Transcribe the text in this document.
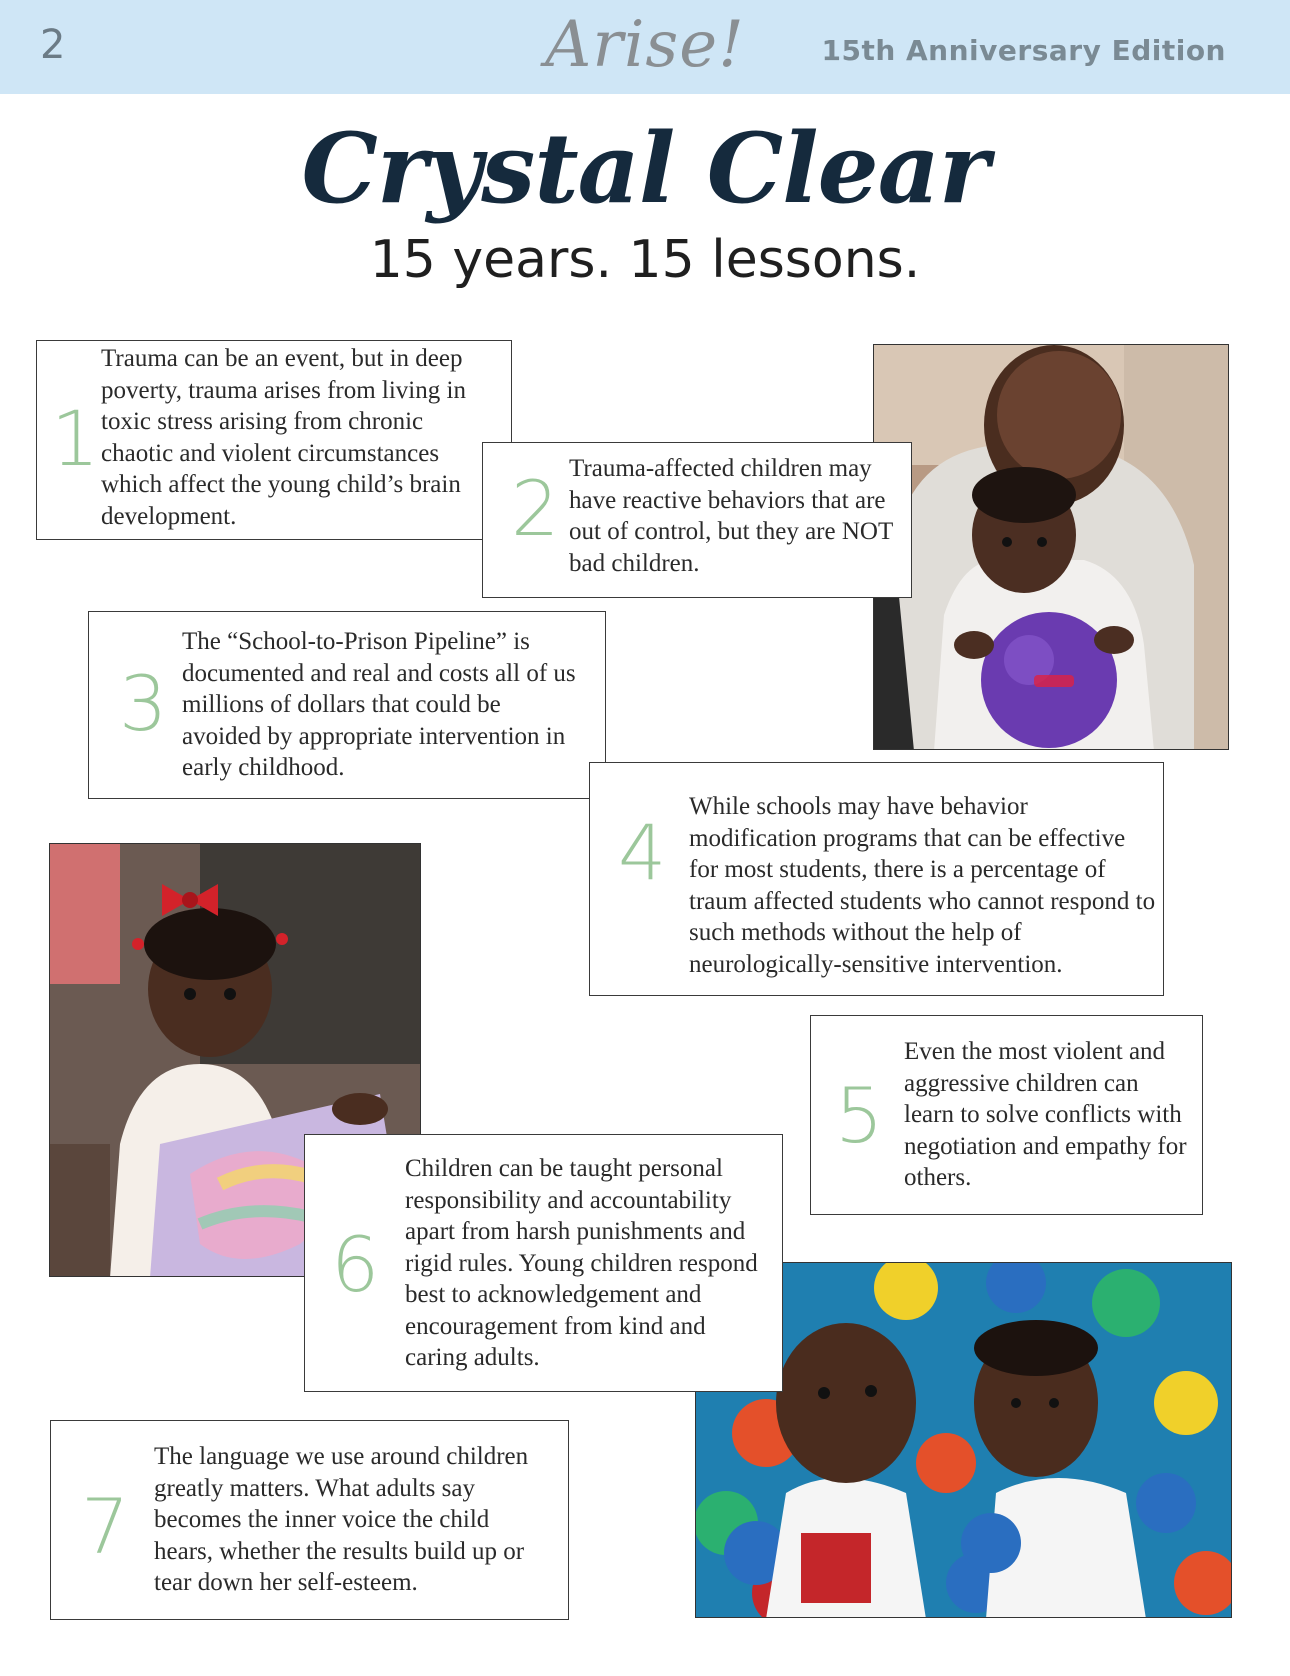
2	Arise!	15th Anniversary Edition
Crystal Clear
15 years. 15 lessons.
1
Trauma can be an event, but in deep poverty, trauma arises from living in toxic stress arising from chronic chaotic and violent circumstances which affect the young child’s brain development.	2 Trauma-affected children may have reactive behaviors that are out of control, but they are NOT bad children.
3
The “School-to-Prison Pipeline” is documented and real and costs all of us millions of dollars that could be avoided by appropriate intervention in early childhood.
4
While schools may have behavior modification programs that can be effective for most students, there is a percentage of traum affected students who cannot respond to such methods without the help of neurologically-sensitive intervention.
5
Even the most violent and aggressive children can learn to solve conflicts with negotiation and empathy for others.
6
Children can be taught personal responsibility and accountability apart from harsh punishments and rigid rules. Young children respond best to acknowledgement and encouragement from kind and caring adults.
7
The language we use around children greatly matters. What adults say becomes the inner voice the child hears, whether the results build up or tear down her self-esteem.
